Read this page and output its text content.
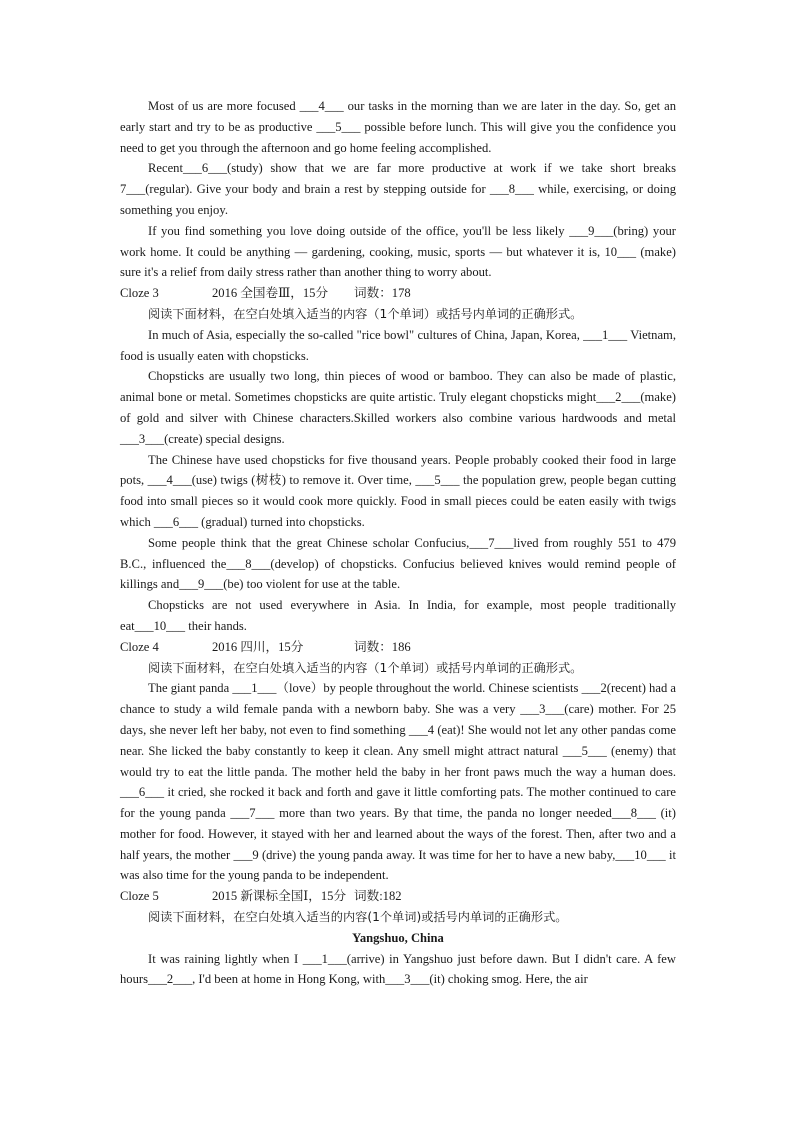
Most of us are more focused ___4___ our tasks in the morning than we are later in the day. So, get an early start and try to be as productive ___5___ possible before lunch. This will give you the confidence you need to get you through the afternoon and go home feeling accomplished.

Recent___6___(study) show that we are far more productive at work if we take short breaks 7___(regular). Give your body and brain a rest by stepping outside for ___8___ while, exercising, or doing something you enjoy.

If you find something you love doing outside of the office, you'll be less likely ___9___(bring) your work home. It could be anything — gardening, cooking, music, sports — but whatever it is, 10___ (make) sure it's a relief from daily stress rather than another thing to worry about.

Cloze 3	2016 全国卷Ⅲ，15分 词数：178

阅读下面材料，在空白处填入适当的内容（1个单词）或括号内单词的正确形式。

In much of Asia, especially the so-called "rice bowl" cultures of China, Japan, Korea, ___1___ Vietnam, food is usually eaten with chopsticks.

Chopsticks are usually two long, thin pieces of wood or bamboo. They can also be made of plastic, animal bone or metal. Sometimes chopsticks are quite artistic. Truly elegant chopsticks might___2___(make) of gold and silver with Chinese characters.Skilled workers also combine various hardwoods and metal ___3___(create) special designs.

The Chinese have used chopsticks for five thousand years. People probably cooked their food in large pots, ___4___(use) twigs (树枝) to remove it. Over time, ___5___ the population grew, people began cutting food into small pieces so it would cook more quickly. Food in small pieces could be eaten easily with twigs which ___6___ (gradual) turned into chopsticks.

Some people think that the great Chinese scholar Confucius,___7___lived from roughly 551 to 479 B.C., influenced the___8___(develop) of chopsticks. Confucius believed knives would remind people of killings and___9___(be) too violent for use at the table.

Chopsticks are not used everywhere in Asia. In India, for example, most people traditionally eat___10___ their hands.

Cloze 4	2016 四川，15分	词数：186

阅读下面材料，在空白处填入适当的内容（1个单词）或括号内单词的正确形式。

The giant panda ___1___（love）by people throughout the world. Chinese scientists ___2(recent) had a chance to study a wild female panda with a newborn baby. She was a very ___3___(care) mother. For 25 days, she never left her baby, not even to find something ___4 (eat)! She would not let any other pandas come near. She licked the baby constantly to keep it clean. Any smell might attract natural ___5___ (enemy) that would try to eat the little panda. The mother held the baby in her front paws much the way a human does. ___6___ it cried, she rocked it back and forth and gave it little comforting pats. The mother continued to care for the young panda ___7___ more than two years. By that time, the panda no longer needed___8___ (it) mother for food. However, it stayed with her and learned about the ways of the forest. Then, after two and a half years, the mother ___9 (drive) the young panda away. It was time for her to have a new baby,___10___ it was also time for the young panda to be independent.

Cloze 5	2015 新课标全国Ⅰ，15分 词数:182

阅读下面材料，在空白处填入适当的内容(1个单词)或括号内单词的正确形式。

Yangshuo, China

It was raining lightly when I ___1___(arrive) in Yangshuo just before dawn. But I didn't care. A few hours___2___, I'd been at home in Hong Kong, with___3___(it) choking smog. Here, the air
